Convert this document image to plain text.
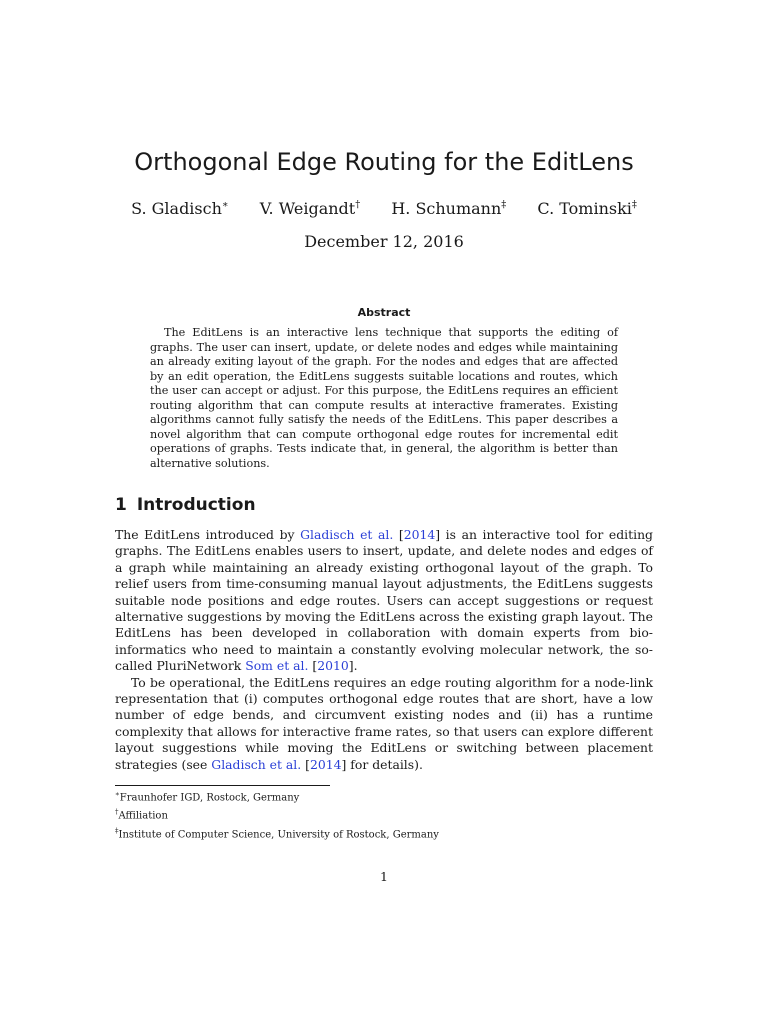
Orthogonal Edge Routing for the EditLens
S. Gladisch∗ V. Weigandt† H. Schumann‡ C. Tominski‡
December 12, 2016
Abstract
The EditLens is an interactive lens technique that supports the editing of graphs. The user can insert, update, or delete nodes and edges while maintaining an already exiting layout of the graph. For the nodes and edges that are affected by an edit operation, the EditLens suggests suitable locations and routes, which the user can accept or adjust. For this purpose, the EditLens requires an efficient routing algorithm that can compute results at interactive framerates. Existing algorithms cannot fully satisfy the needs of the EditLens. This paper describes a novel algorithm that can compute orthogonal edge routes for incremental edit operations of graphs. Tests indicate that, in general, the algorithm is better than alternative solutions.
1 Introduction

The EditLens introduced by Gladisch et al. [2014] is an interactive tool for editing graphs. The EditLens enables users to insert, update, and delete nodes and edges of a graph while maintaining an already existing orthogonal layout of the graph. To relief users from time-consuming manual layout adjustments, the EditLens suggests suitable node positions and edge routes. Users can accept suggestions or request alternative suggestions by moving the EditLens across the existing graph layout. The EditLens has been developed in collaboration with domain experts from bio-informatics who need to maintain a constantly evolving molecular network, the so-called PluriNetwork Som et al. [2010].

To be operational, the EditLens requires an edge routing algorithm for a node-link representation that (i) computes orthogonal edge routes that are short, have a low number of edge bends, and circumvent existing nodes and (ii) has a runtime complexity that allows for interactive frame rates, so that users can explore different layout suggestions while moving the EditLens or switching between placement strategies (see Gladisch et al. [2014] for details).

∗Fraunhofer IGD, Rostock, Germany
†Affiliation
‡Institute of Computer Science, University of Rostock, Germany
1
